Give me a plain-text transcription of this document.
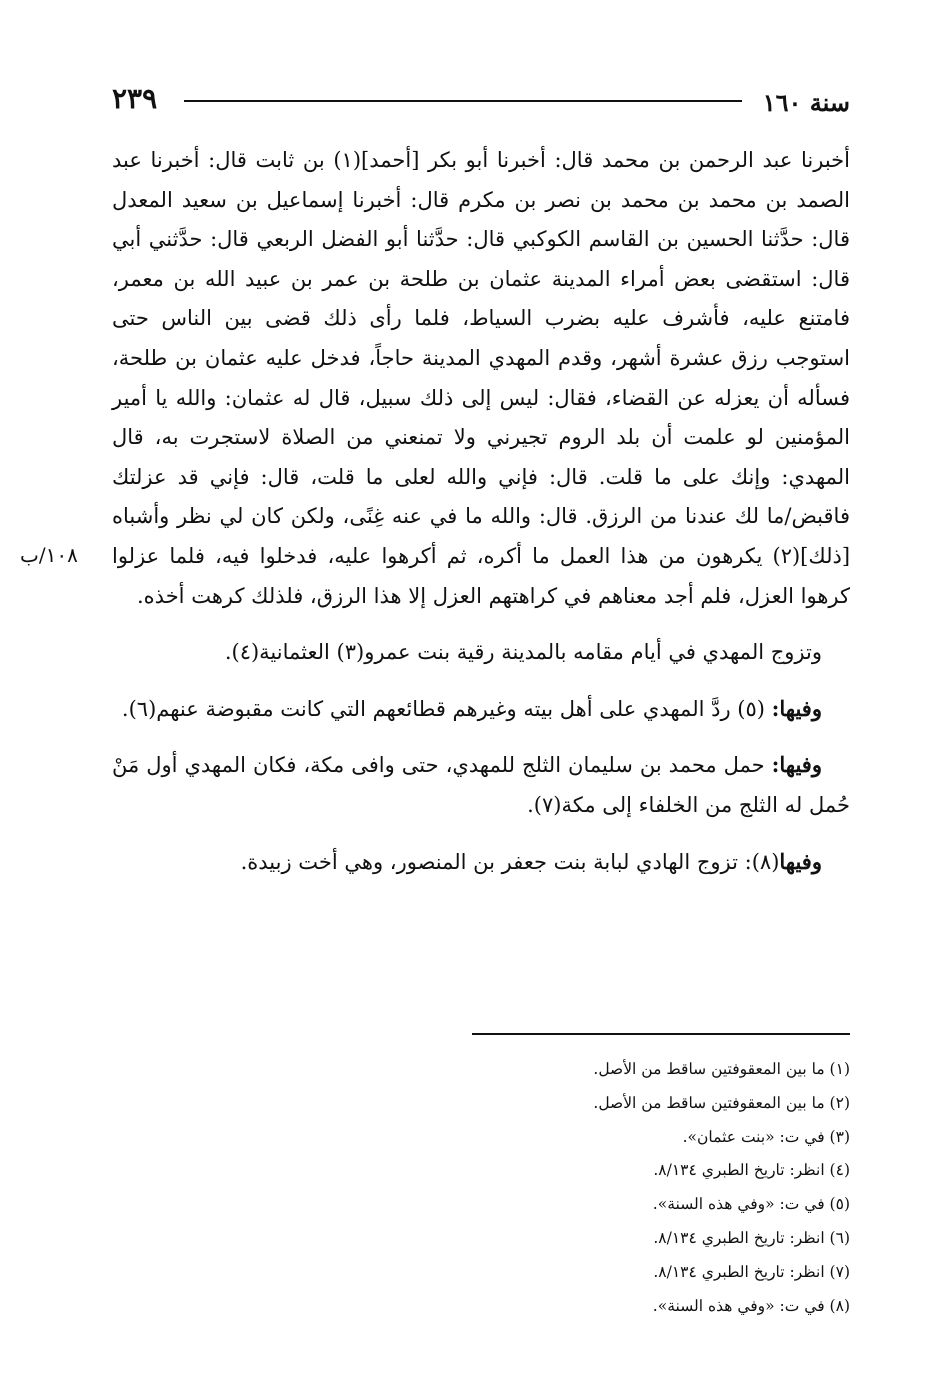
سنة ١٦٠
٢٣٩
١٠٨/ب

أخبرنا عبد الرحمن بن محمد قال: أخبرنا أبو بكر [أحمد](١) بن ثابت قال: أخبرنا عبد الصمد بن محمد بن محمد بن نصر بن مكرم قال: أخبرنا إسماعيل بن سعيد المعدل قال: حدَّثنا الحسين بن القاسم الكوكبي قال: حدَّثنا أبو الفضل الربعي قال: حدَّثني أبي قال: استقضى بعض أمراء المدينة عثمان بن طلحة بن عمر بن عبيد الله بن معمر، فامتنع عليه، فأشرف عليه بضرب السياط، فلما رأى ذلك قضى بين الناس حتى استوجب رزق عشرة أشهر، وقدم المهدي المدينة حاجاً، فدخل عليه عثمان بن طلحة، فسأله أن يعزله عن القضاء، فقال: ليس إلى ذلك سبيل، قال له عثمان: والله يا أمير المؤمنين لو علمت أن بلد الروم تجيرني ولا تمنعني من الصلاة لاستجرت به، قال المهدي: وإنك على ما قلت. قال: فإني والله لعلى ما قلت، قال: فإني قد عزلتك فاقبض/ما لك عندنا من الرزق. قال: والله ما في عنه غِنًى، ولكن كان لي نظر وأشباه [ذلك](٢) يكرهون من هذا العمل ما أكره، ثم أكرهوا عليه، فدخلوا فيه، فلما عزلوا كرهوا العزل، فلم أجد معناهم في كراهتهم العزل إلا هذا الرزق، فلذلك كرهت أخذه.

وتزوج المهدي في أيام مقامه بالمدينة رقية بنت عمرو(٣) العثمانية(٤).

وفيها: (٥) ردَّ المهدي على أهل بيته وغيرهم قطائعهم التي كانت مقبوضة عنهم(٦).

وفيها: حمل محمد بن سليمان الثلج للمهدي، حتى وافى مكة، فكان المهدي أول مَنْ حُمل له الثلج من الخلفاء إلى مكة(٧).

وفيها(٨): تزوج الهادي لبابة بنت جعفر بن المنصور، وهي أخت زبيدة.

(١) ما بين المعقوفتين ساقط من الأصل.

(٢) ما بين المعقوفتين ساقط من الأصل.

(٣) في ت: «بنت عثمان».

(٤) انظر: تاريخ الطبري ٨/١٣٤.

(٥) في ت: «وفي هذه السنة».

(٦) انظر: تاريخ الطبري ٨/١٣٤.

(٧) انظر: تاريخ الطبري ٨/١٣٤.

(٨) في ت: «وفي هذه السنة».
